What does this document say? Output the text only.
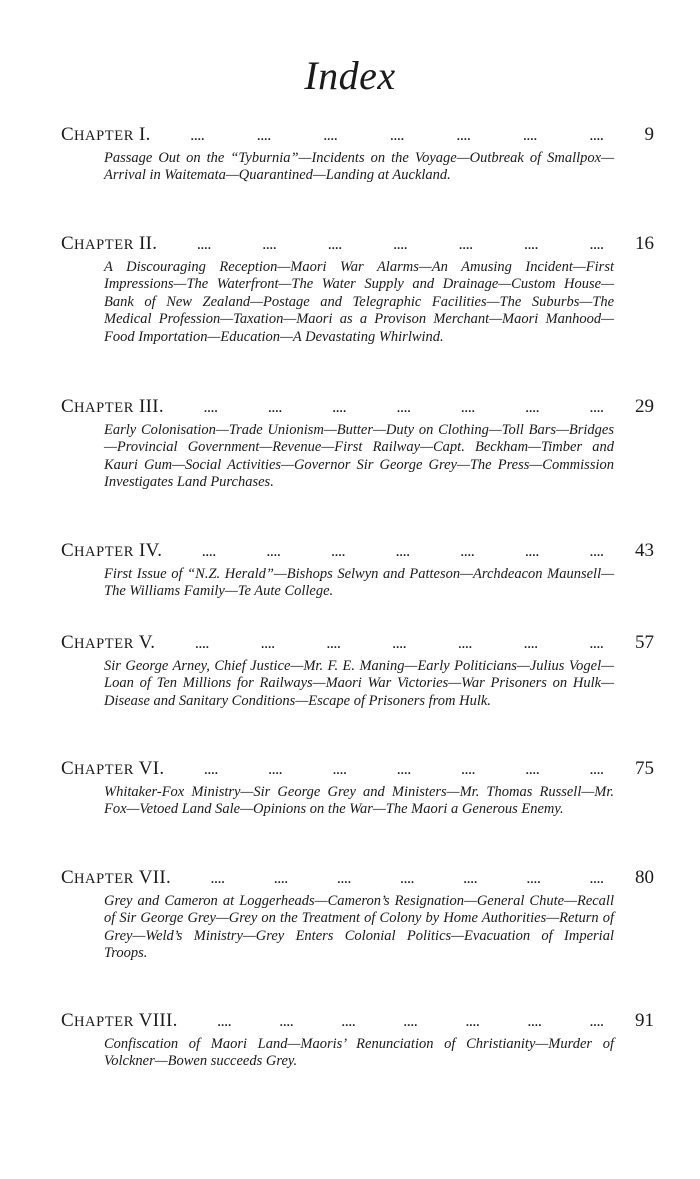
Index
CHAPTER I.	....	....	....	....	....	....	....	9
Passage Out on the “Tyburnia”—Incidents on the Voyage—Outbreak of Smallpox—Arrival in Waitemata—Quarantined—Landing at Auckland.
CHAPTER II.	....	....	....	....	....	....	....	16
A Discouraging Reception—Maori War Alarms—An Amusing Incident—First Impressions—The Waterfront—The Water Supply and Drainage—Custom House—Bank of New Zealand—Postage and Telegraphic Facilities—The Suburbs—The Medical Profession—Taxation—Maori as a Provison Merchant—Maori Manhood—Food Importation—Education—A Devastating Whirlwind.
CHAPTER III.	....	....	....	....	....	....	....	29
Early Colonisation—Trade Unionism—Butter—Duty on Clothing—Toll Bars—Bridges—Provincial Government—Revenue—First Railway—Capt. Beckham—Timber and Kauri Gum—Social Activities—Governor Sir George Grey—The Press—Commission Investigates Land Purchases.
CHAPTER IV.	....	....	....	....	....	....	....	43
First Issue of “N.Z. Herald”—Bishops Selwyn and Patteson—Archdeacon Maunsell—The Williams Family—Te Aute College.
CHAPTER V.	....	....	....	....	....	....	....	57
Sir George Arney, Chief Justice—Mr. F. E. Maning—Early Politicians—Julius Vogel—Loan of Ten Millions for Railways—Maori War Victories—War Prisoners on Hulk—Disease and Sanitary Conditions—Escape of Prisoners from Hulk.
CHAPTER VI.	....	....	....	....	....	....	....	75
Whitaker-Fox Ministry—Sir George Grey and Ministers—Mr. Thomas Russell—Mr. Fox—Vetoed Land Sale—Opinions on the War—The Maori a Generous Enemy.
CHAPTER VII.	....	....	....	....	....	....	....	80
Grey and Cameron at Loggerheads—Cameron’s Resignation—General Chute—Recall of Sir George Grey—Grey on the Treatment of Colony by Home Authorities—Return of Grey—Weld’s Ministry—Grey Enters Colonial Politics—Evacuation of Imperial Troops.
CHAPTER VIII.	....	....	....	....	....	....	....	91
Confiscation of Maori Land—Maoris’ Renunciation of Christianity—Murder of Volckner—Bowen succeeds Grey.
